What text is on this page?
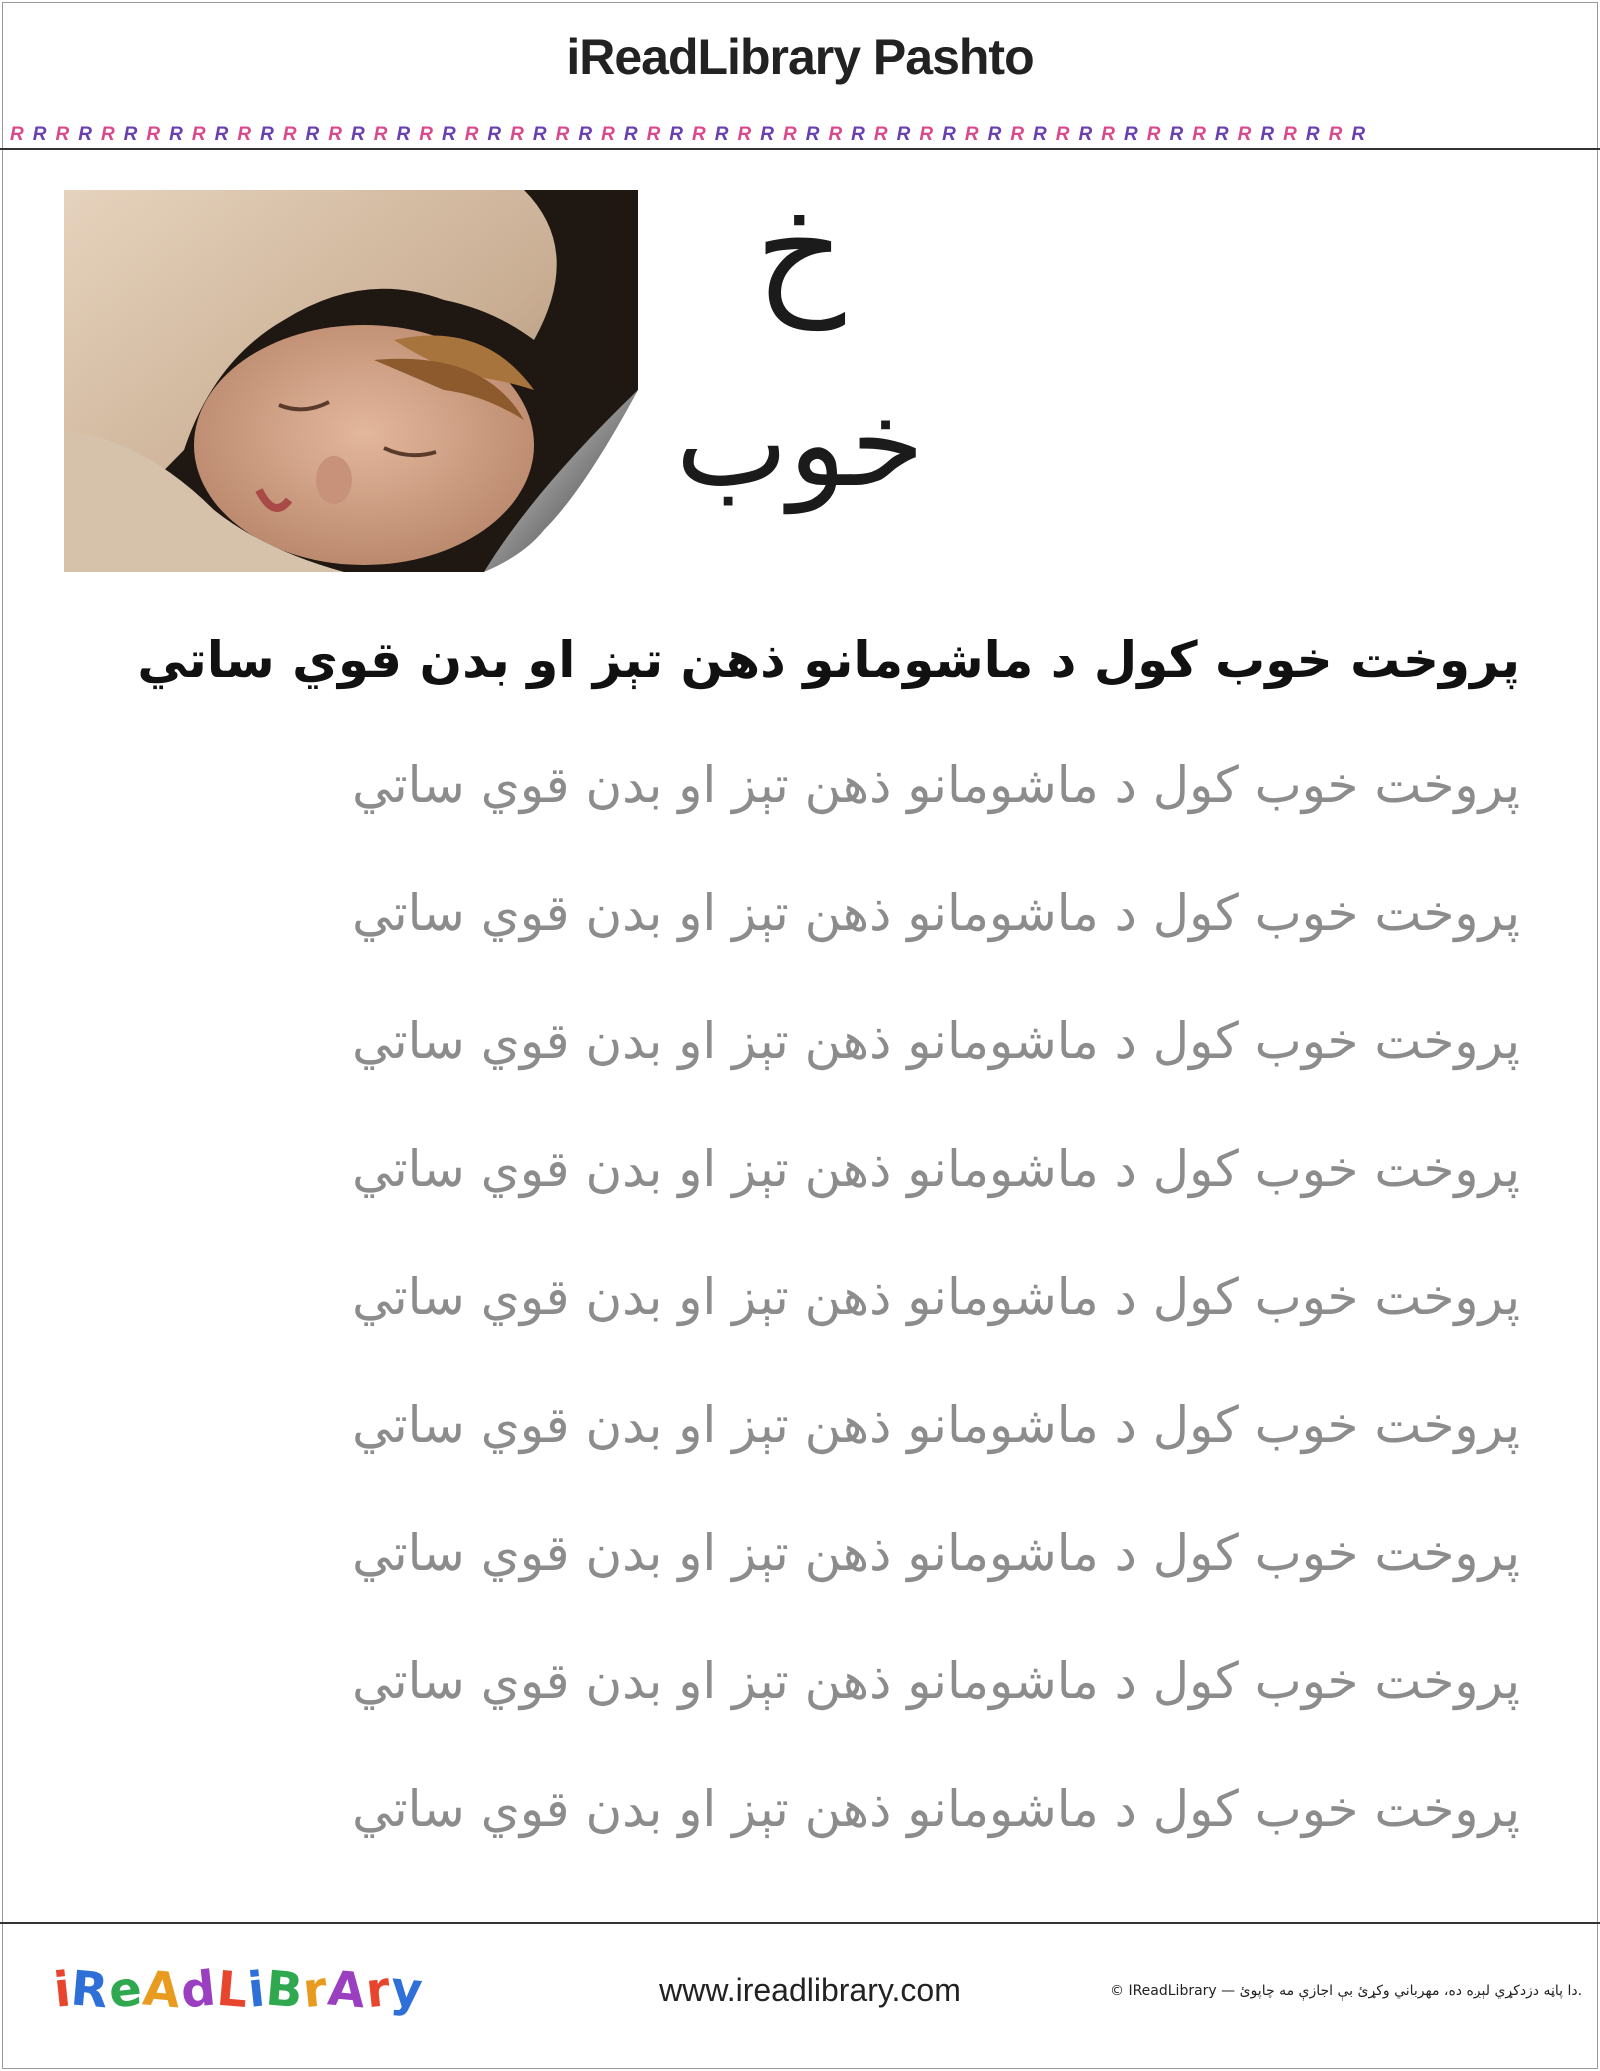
iReadLibrary Pashto
RRRRRRRRRRRRRRRRRRRRRRRRRRRRRRRRRRRRRRRRRRRRRRRRRRRRRRRRRRRR
خ
خوب
پروخت خوب کول د ماشومانو ذهن تېز او بدن قوي ساتي
پروخت خوب کول د ماشومانو ذهن تېز او بدن قوي ساتي
پروخت خوب کول د ماشومانو ذهن تېز او بدن قوي ساتي
پروخت خوب کول د ماشومانو ذهن تېز او بدن قوي ساتي
پروخت خوب کول د ماشومانو ذهن تېز او بدن قوي ساتي
پروخت خوب کول د ماشومانو ذهن تېز او بدن قوي ساتي
پروخت خوب کول د ماشومانو ذهن تېز او بدن قوي ساتي
پروخت خوب کول د ماشومانو ذهن تېز او بدن قوي ساتي
پروخت خوب کول د ماشومانو ذهن تېز او بدن قوي ساتي
پروخت خوب کول د ماشومانو ذهن تېز او بدن قوي ساتي
iReAdLiBrAry	www.ireadlibrary.com	© IReadLibrary — دا پاڼه دزدکړي لېږه ده، مهرباني وکړئ بې اجازې مه چاپوئ.
